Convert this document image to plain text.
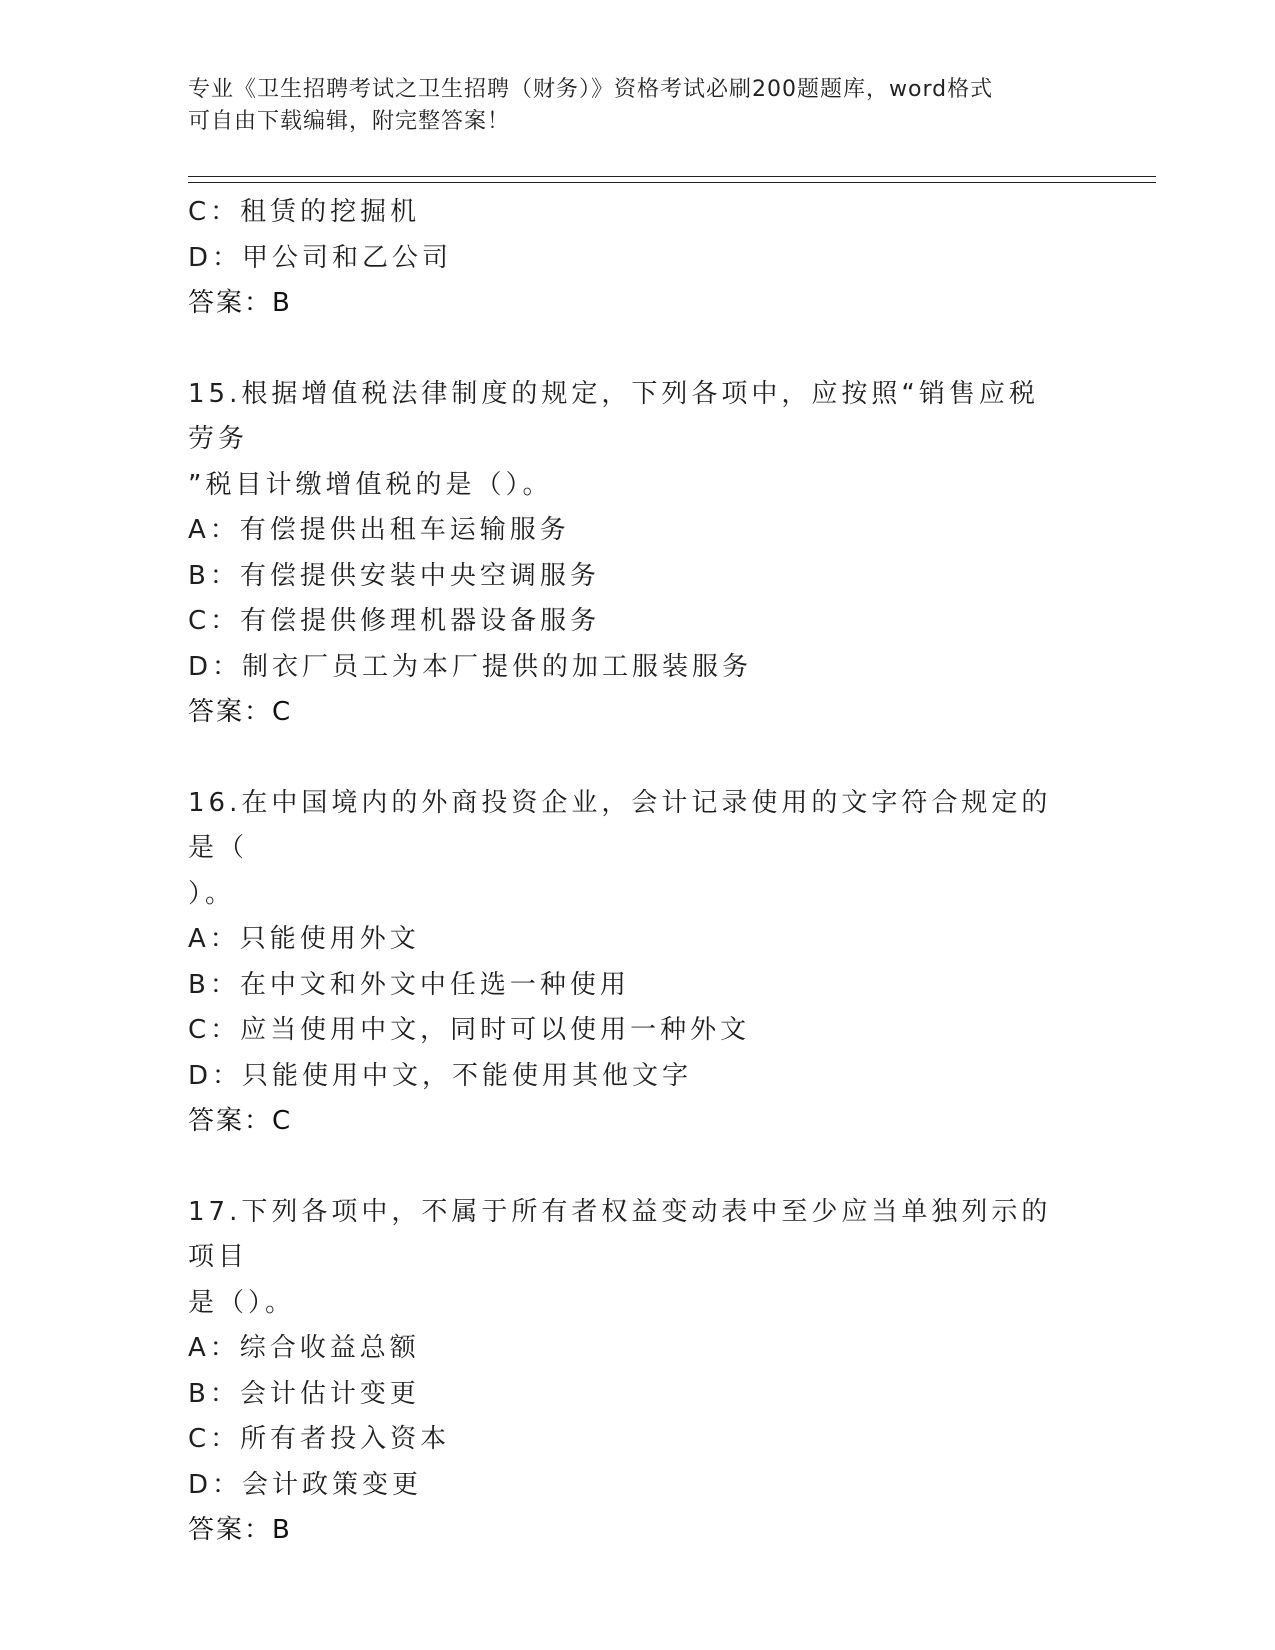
专业《卫生招聘考试之卫生招聘（财务）》资格考试必刷200题题库，word格式
可自由下载编辑，附完整答案！
C：租赁的挖掘机
D：甲公司和乙公司
答案：B
15.根据增值税法律制度的规定，下列各项中，应按照“销售应税劳务
”税目计缴增值税的是（）。
A：有偿提供出租车运输服务
B：有偿提供安装中央空调服务
C：有偿提供修理机器设备服务
D：制衣厂员工为本厂提供的加工服装服务
答案：C
16.在中国境内的外商投资企业，会计记录使用的文字符合规定的是（
）。
A：只能使用外文
B：在中文和外文中任选一种使用
C：应当使用中文，同时可以使用一种外文
D：只能使用中文，不能使用其他文字
答案：C
17.下列各项中，不属于所有者权益变动表中至少应当单独列示的项目
是（）。
A：综合收益总额
B：会计估计变更
C：所有者投入资本
D：会计政策变更
答案：B
